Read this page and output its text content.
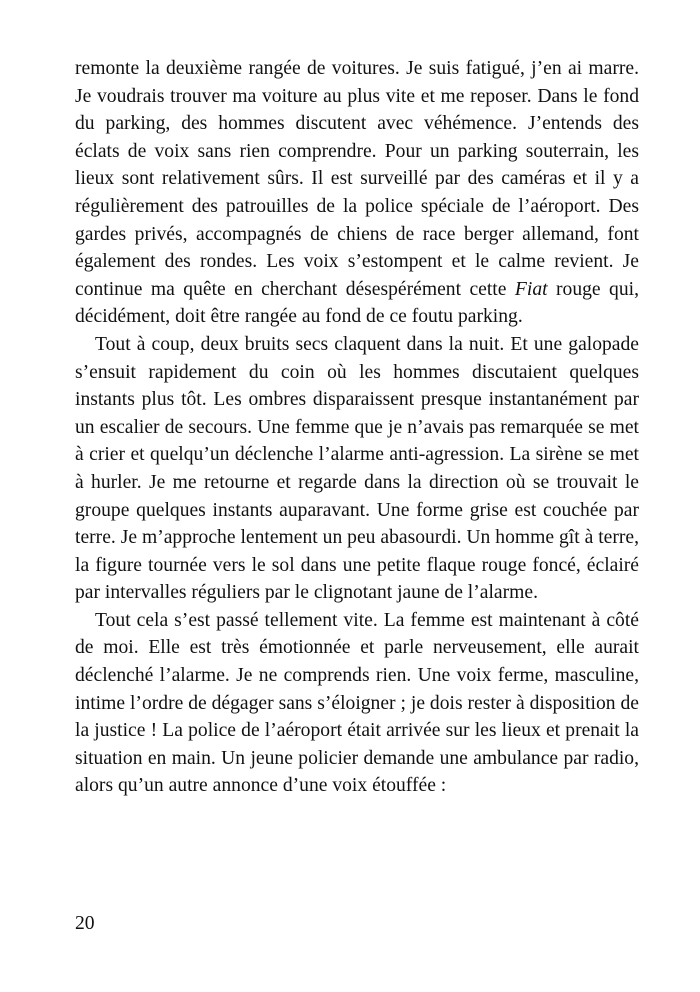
remonte la deuxième rangée de voitures. Je suis fatigué, j’en ai marre. Je voudrais trouver ma voiture au plus vite et me reposer. Dans le fond du parking, des hommes discutent avec véhémence. J’entends des éclats de voix sans rien comprendre. Pour un parking souterrain, les lieux sont relativement sûrs. Il est surveillé par des caméras et il y a régulièrement des patrouilles de la police spéciale de l’aéroport. Des gardes privés, accompagnés de chiens de race berger allemand, font également des rondes. Les voix s’estompent et le calme revient. Je continue ma quête en cherchant désespérément cette Fiat rouge qui, décidément, doit être rangée au fond de ce foutu parking.

Tout à coup, deux bruits secs claquent dans la nuit. Et une galopade s’ensuit rapidement du coin où les hommes discutaient quelques instants plus tôt. Les ombres disparaissent presque instantanément par un escalier de secours. Une femme que je n’avais pas remarquée se met à crier et quelqu’un déclenche l’alarme anti-agression. La sirène se met à hurler. Je me retourne et regarde dans la direction où se trouvait le groupe quelques instants auparavant. Une forme grise est couchée par terre. Je m’approche lentement un peu abasourdi. Un homme gît à terre, la figure tournée vers le sol dans une petite flaque rouge foncé, éclairé par intervalles réguliers par le clignotant jaune de l’alarme.

Tout cela s’est passé tellement vite. La femme est maintenant à côté de moi. Elle est très émotionnée et parle nerveusement, elle aurait déclenché l’alarme. Je ne comprends rien. Une voix ferme, masculine, intime l’ordre de dégager sans s’éloigner ; je dois rester à disposition de la justice ! La police de l’aéroport était arrivée sur les lieux et prenait la situation en main. Un jeune policier demande une ambulance par radio, alors qu’un autre annonce d’une voix étouffée :

20
